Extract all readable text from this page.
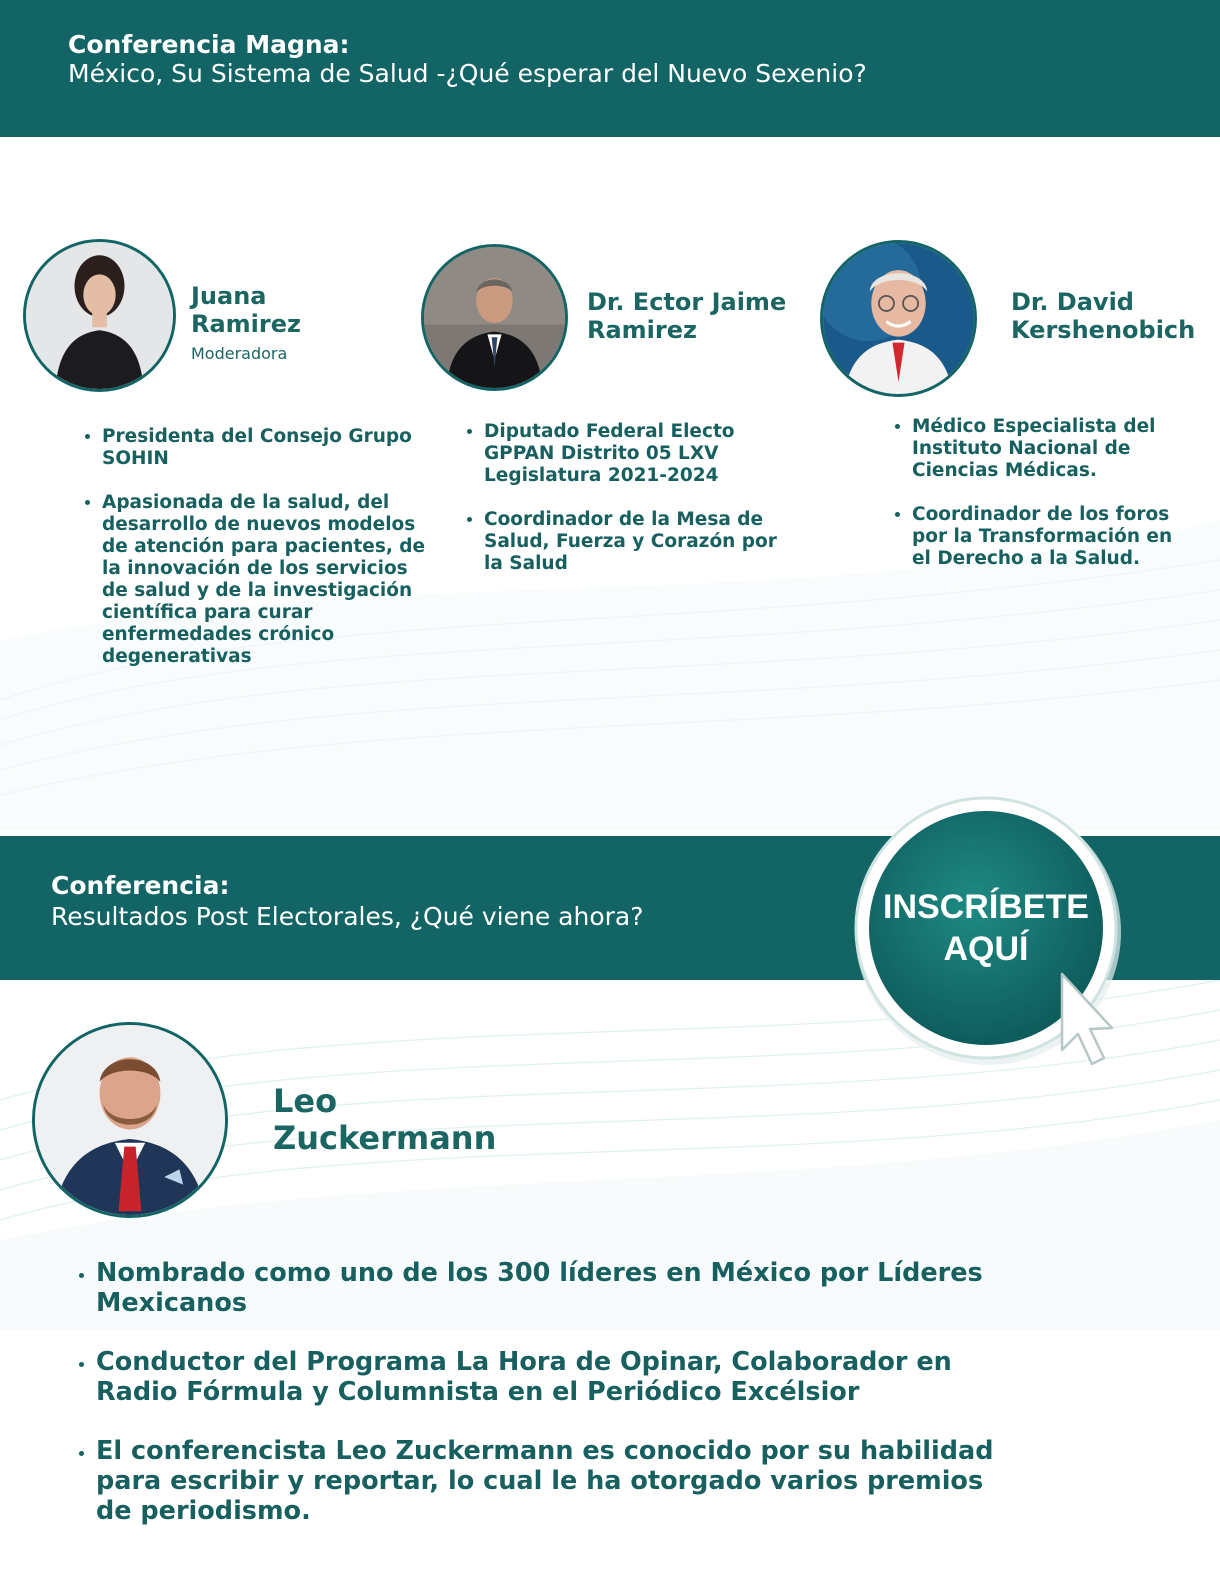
Conferencia Magna:
México, Su Sistema de Salud -¿Qué esperar del Nuevo Sexenio?
Juana Ramirez
Moderadora
• Presidenta del Consejo Grupo SOHIN
• Apasionada de la salud, del desarrollo de nuevos modelos de atención para pacientes, de la innovación de los servicios de salud y de la investigación científica para curar enfermedades crónico degenerativas
Dr. Ector Jaime Ramirez
• Diputado Federal Electo GPPAN Distrito 05 LXV Legislatura 2021-2024
• Coordinador de la Mesa de Salud, Fuerza y Corazón por la Salud
Dr. David Kershenobich
• Médico Especialista del Instituto Nacional de Ciencias Médicas.
• Coordinador de los foros por la Transformación en el Derecho a la Salud.
Conferencia:
Resultados Post Electorales, ¿Qué viene ahora?	INSCRÍBETE
AQUÍ
Leo Zuckermann
• Nombrado como uno de los 300 líderes en México por Líderes Mexicanos
• Conductor del Programa La Hora de Opinar, Colaborador en Radio Fórmula y Columnista en el Periódico Excélsior
• El conferencista Leo Zuckermann es conocido por su habilidad para escribir y reportar, lo cual le ha otorgado varios premios de periodismo.
